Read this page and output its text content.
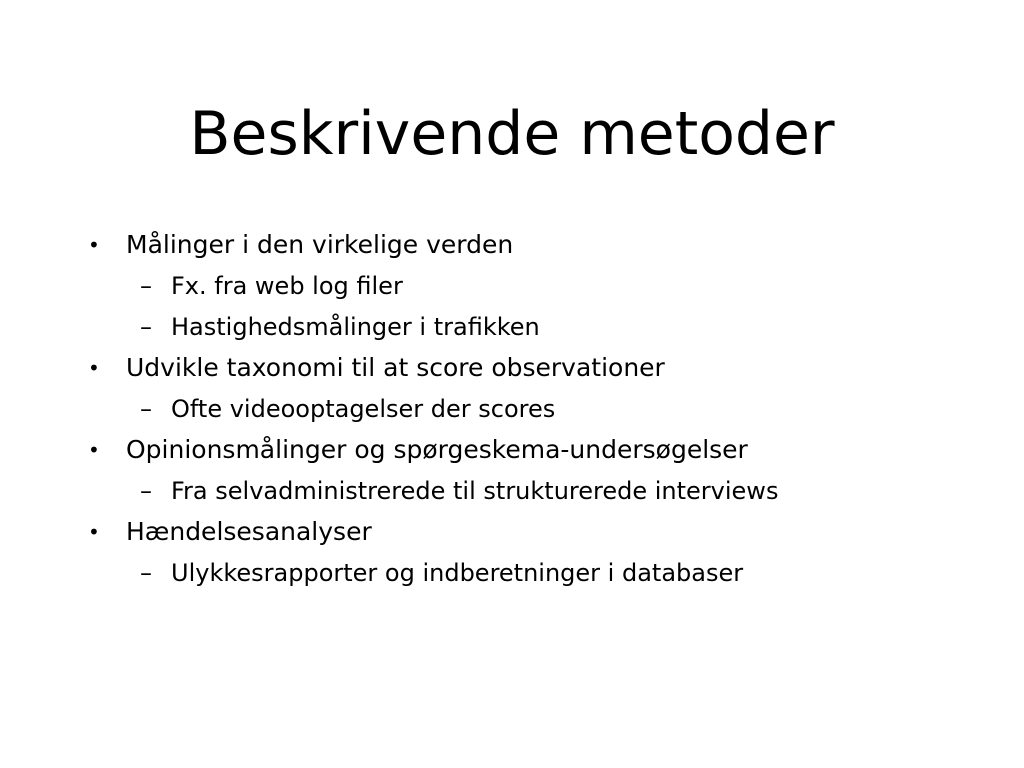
Beskrivende metoder
• Målinger i den virkelige verden
– Fx. fra web log filer
– Hastighedsmålinger i trafikken
• Udvikle taxonomi til at score observationer
– Ofte videooptagelser der scores
• Opinionsmålinger og spørgeskema-undersøgelser
– Fra selvadministrerede til strukturerede interviews
• Hændelsesanalyser
– Ulykkesrapporter og indberetninger i databaser
